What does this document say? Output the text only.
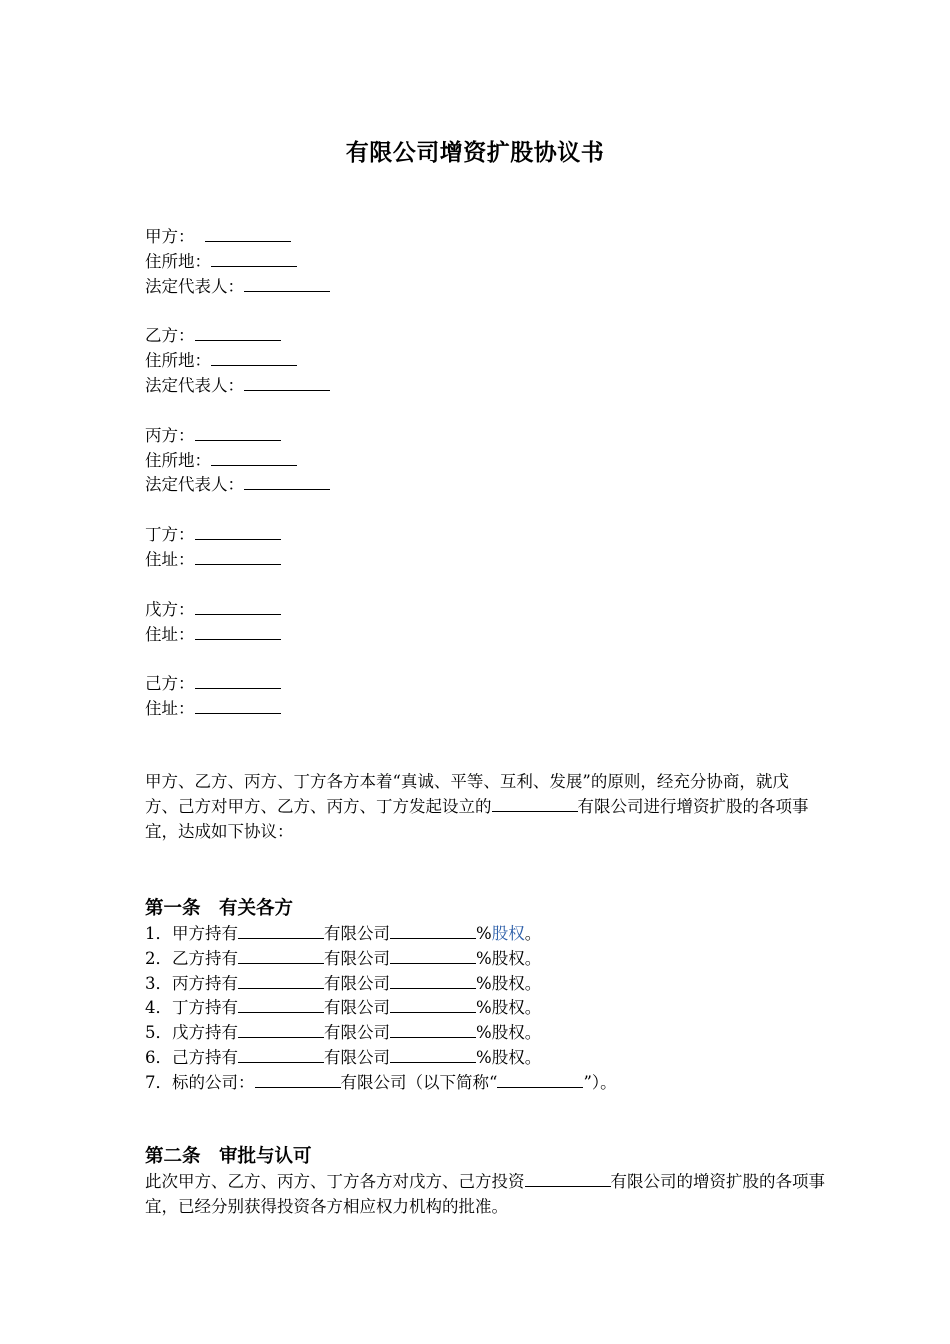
有限公司增资扩股协议书
甲方：
住所地：
法定代表人：
乙方：
住所地：
法定代表人：
丙方：
住所地：
法定代表人：
丁方：
住址：
戊方：
住址：
己方：
住址：
甲方、乙方、丙方、丁方各方本着“真诚、平等、互利、发展”的原则，经充分协商，就戊方、己方对甲方、乙方、丙方、丁方发起设立的	有限公司进行增资扩股的各项事宜，达成如下协议：
第一条　有关各方
1．甲方持有	有限公司	%股权。
2．乙方持有	有限公司	%股权。
3．丙方持有	有限公司	%股权。
4．丁方持有	有限公司	%股权。
5．戊方持有	有限公司	%股权。
6．己方持有	有限公司	%股权。
7．标的公司：	有限公司（以下简称“	”）。
第二条　审批与认可
此次甲方、乙方、丙方、丁方各方对戊方、己方投资	有限公司的增资扩股的各项事宜，已经分别获得投资各方相应权力机构的批准。
